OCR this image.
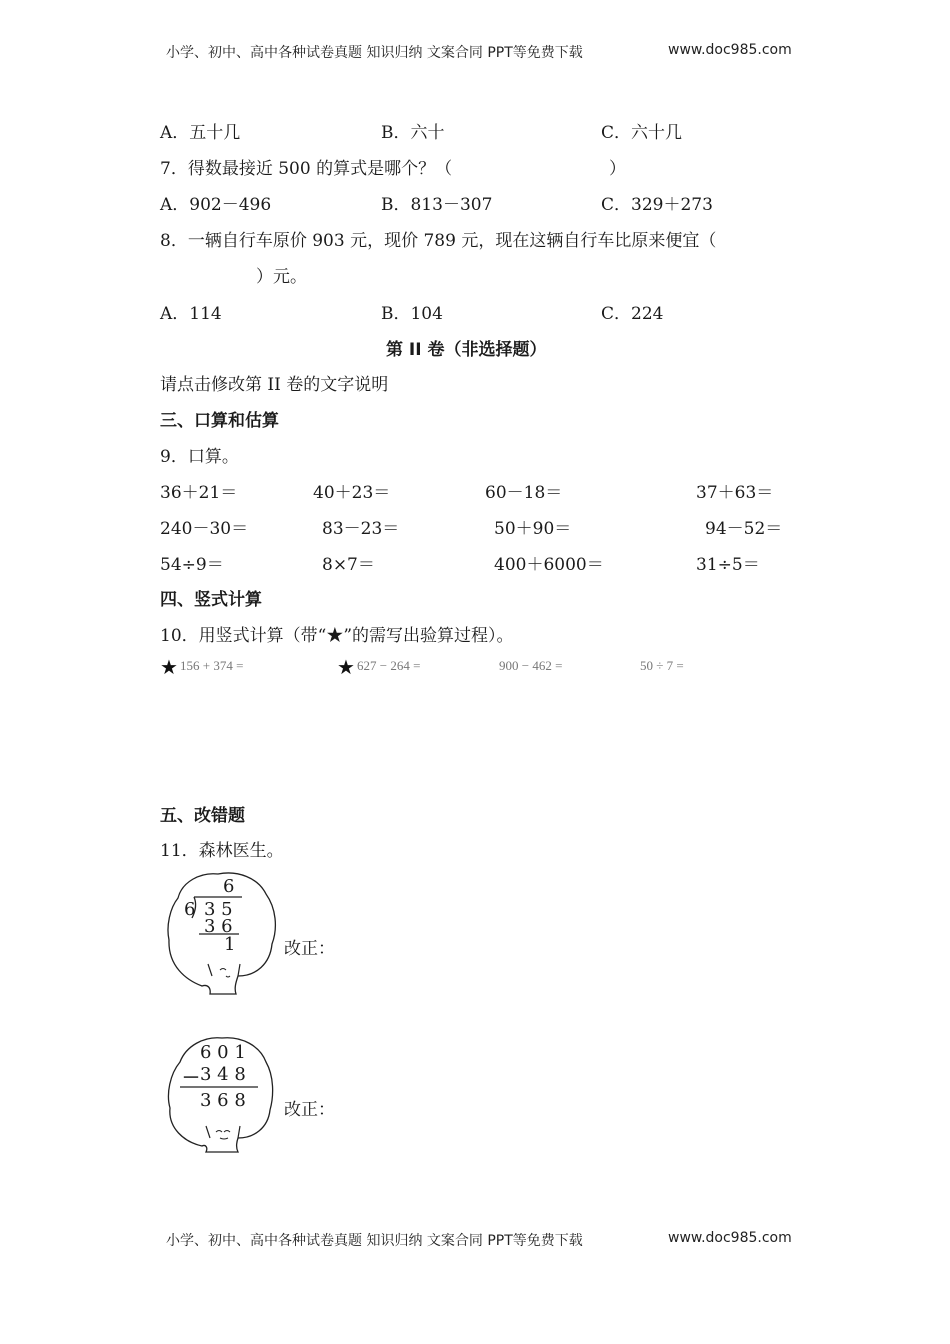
小学、初中、高中各种试卷真题 知识归纳 文案合同 PPT等免费下载	www.doc985.com
A．五十几	B．六十	C．六十几
7．得数最接近 500 的算式是哪个？（	）
A．902－496	B．813－307	C．329＋273
8．一辆自行车原价 903 元，现价 789 元，现在这辆自行车比原来便宜（
）元。
A．114	B．104	C．224
第 II 卷（非选择题）
请点击修改第 II 卷的文字说明
三、口算和估算
9．口算。
36＋21＝	40＋23＝	60－18＝	37＋63＝
240－30＝	83－23＝	50＋90＝	94－52＝
54÷9＝	8×7＝	400＋6000＝	31÷5＝
四、竖式计算
10．用竖式计算（带“★”的需写出验算过程）。
★ 156 + 374 =	★ 627 − 264 =	900 − 462 =	50 ÷ 7 =
五、改错题
11．森林医生。
6
6 3 5
3 6
1	改正：
6 0 1
－ 3 4 8
3 6 8 改正：
小学、初中、高中各种试卷真题 知识归纳 文案合同 PPT等免费下载	www.doc985.com
